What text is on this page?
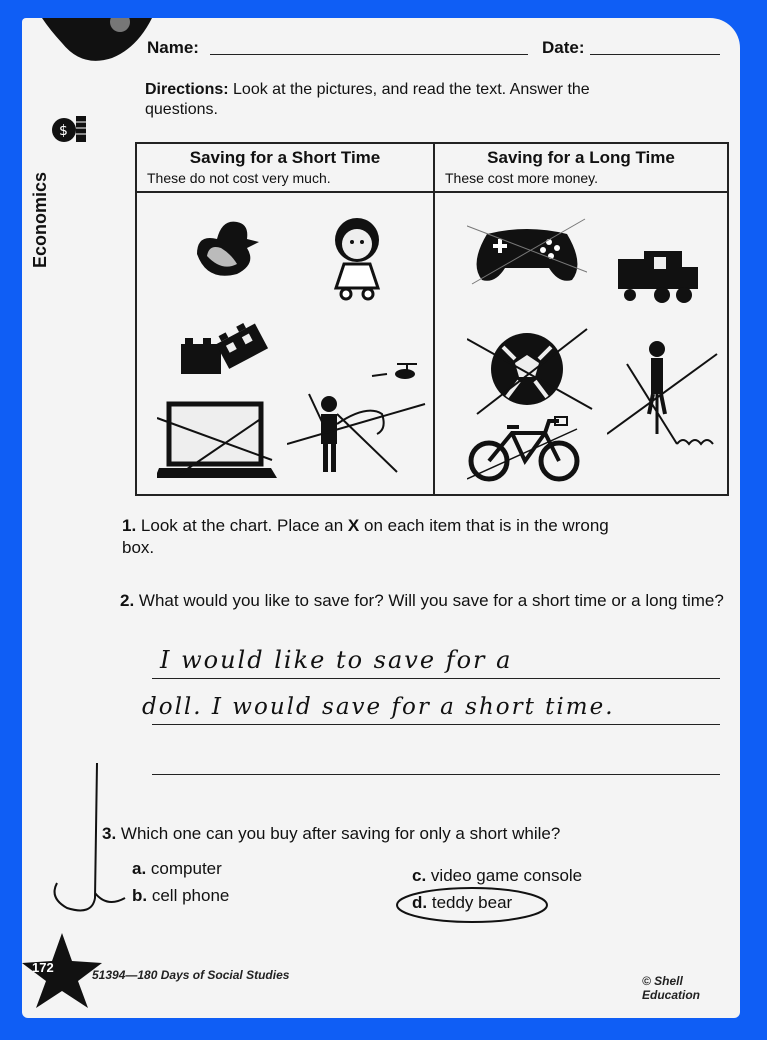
Name:	Date:
Directions: Look at the pictures, and read the text. Answer the questions.
$
Economics
Saving for a Short Time
These do not cost very much.
Saving for a Long Time
These cost more money.
1. Look at the chart. Place an X on each item that is in the wrong box.
2. What would you like to save for? Will you save for a short time or a long time?
I would like to save for a
doll. I would save for a short time.
3. Which one can you buy after saving for only a short while?
a. computer
b. cell phone
c. video game console
d. teddy bear
172	51394—180 Days of Social Studies	© Shell Education
